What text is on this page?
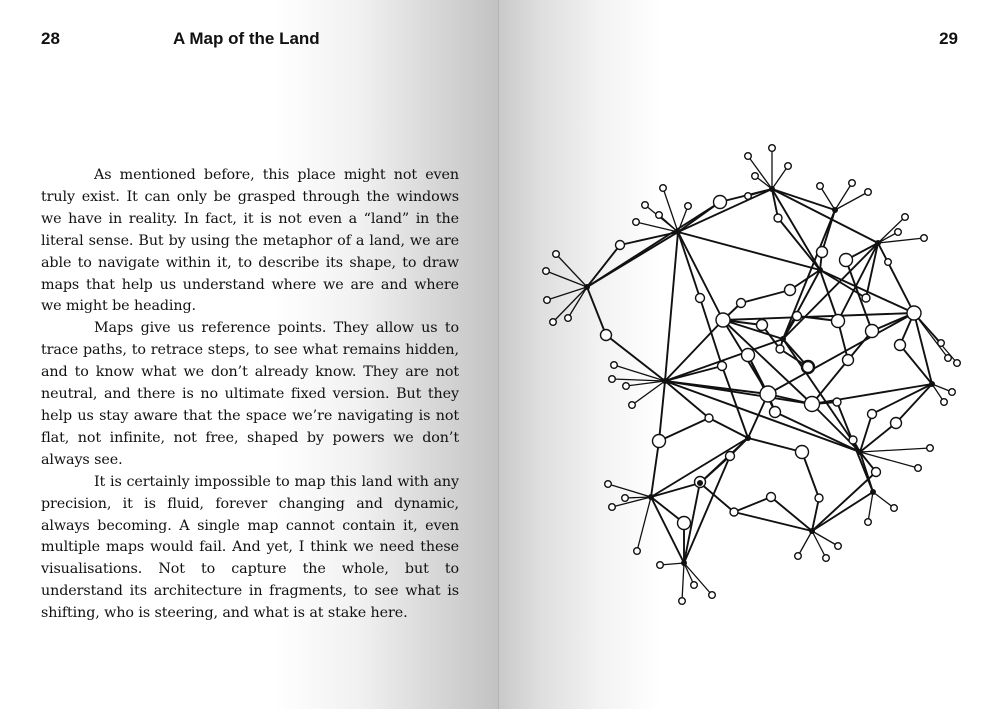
28	A Map of the Land

As mentioned before, this place might not even truly exist. It can only be grasped through the windows we have in reality. In fact, it is not even a “land” in the literal sense. But by using the metaphor of a land, we are able to navigate within it, to describe its shape, to draw maps that help us understand where we are and where we might be heading.

Maps give us reference points. They allow us to trace paths, to retrace steps, to see what remains hidden, and to know what we don’t already know. They are not neutral, and there is no ultimate fixed version. But they help us stay aware that the space we’re navigating is not flat, not infinite, not free, shaped by powers we don’t always see.

It is certainly impossible to map this land with any precision, it is fluid, forever changing and dynamic, always becoming. A single map cannot contain it, even multiple maps would fail. And yet, I think we need these visualisations. Not to capture the whole, but to understand its architecture in fragments, to see what is shifting, who is steering, and what is at stake here.

29
